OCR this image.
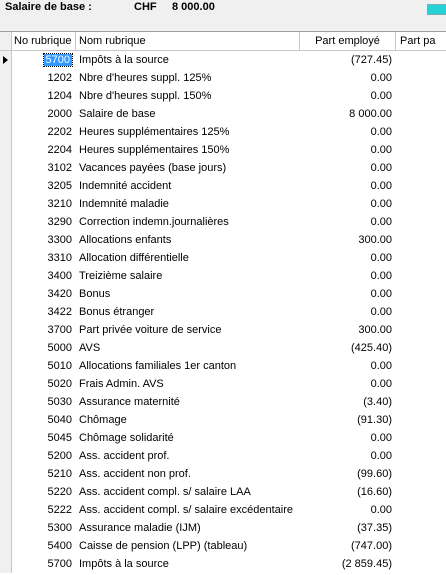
Salaire de base :	CHF 8 000.00
No rubrique Nom rubrique	Part employé	Part pa
5700 Impôts à la source	(727.45)
1202 Nbre d'heures suppl. 125%	0.00
1204 Nbre d'heures suppl. 150%	0.00
2000 Salaire de base	8 000.00
2202 Heures supplémentaires 125%	0.00
2204 Heures supplémentaires 150%	0.00
3102 Vacances payées (base jours)	0.00
3205 Indemnité accident	0.00
3210 Indemnité maladie	0.00
3290 Correction indemn.journalières	0.00
3300 Allocations enfants	300.00
3310 Allocation différentielle	0.00
3400 Treizième salaire	0.00
3420 Bonus	0.00
3422 Bonus étranger	0.00
3700 Part privée voiture de service	300.00
5000 AVS	(425.40)
5010 Allocations familiales 1er canton	0.00
5020 Frais Admin. AVS	0.00
5030 Assurance maternité	(3.40)
5040 Chômage	(91.30)
5045 Chômage solidarité	0.00
5200 Ass. accident prof.	0.00
5210 Ass. accident non prof.	(99.60)
5220 Ass. accident compl. s/ salaire LAA	(16.60)
5222 Ass. accident compl. s/ salaire excédentaire	0.00
5300 Assurance maladie (IJM)	(37.35)
5400 Caisse de pension (LPP) (tableau)	(747.00)
5700 Impôts à la source	(2 859.45)
